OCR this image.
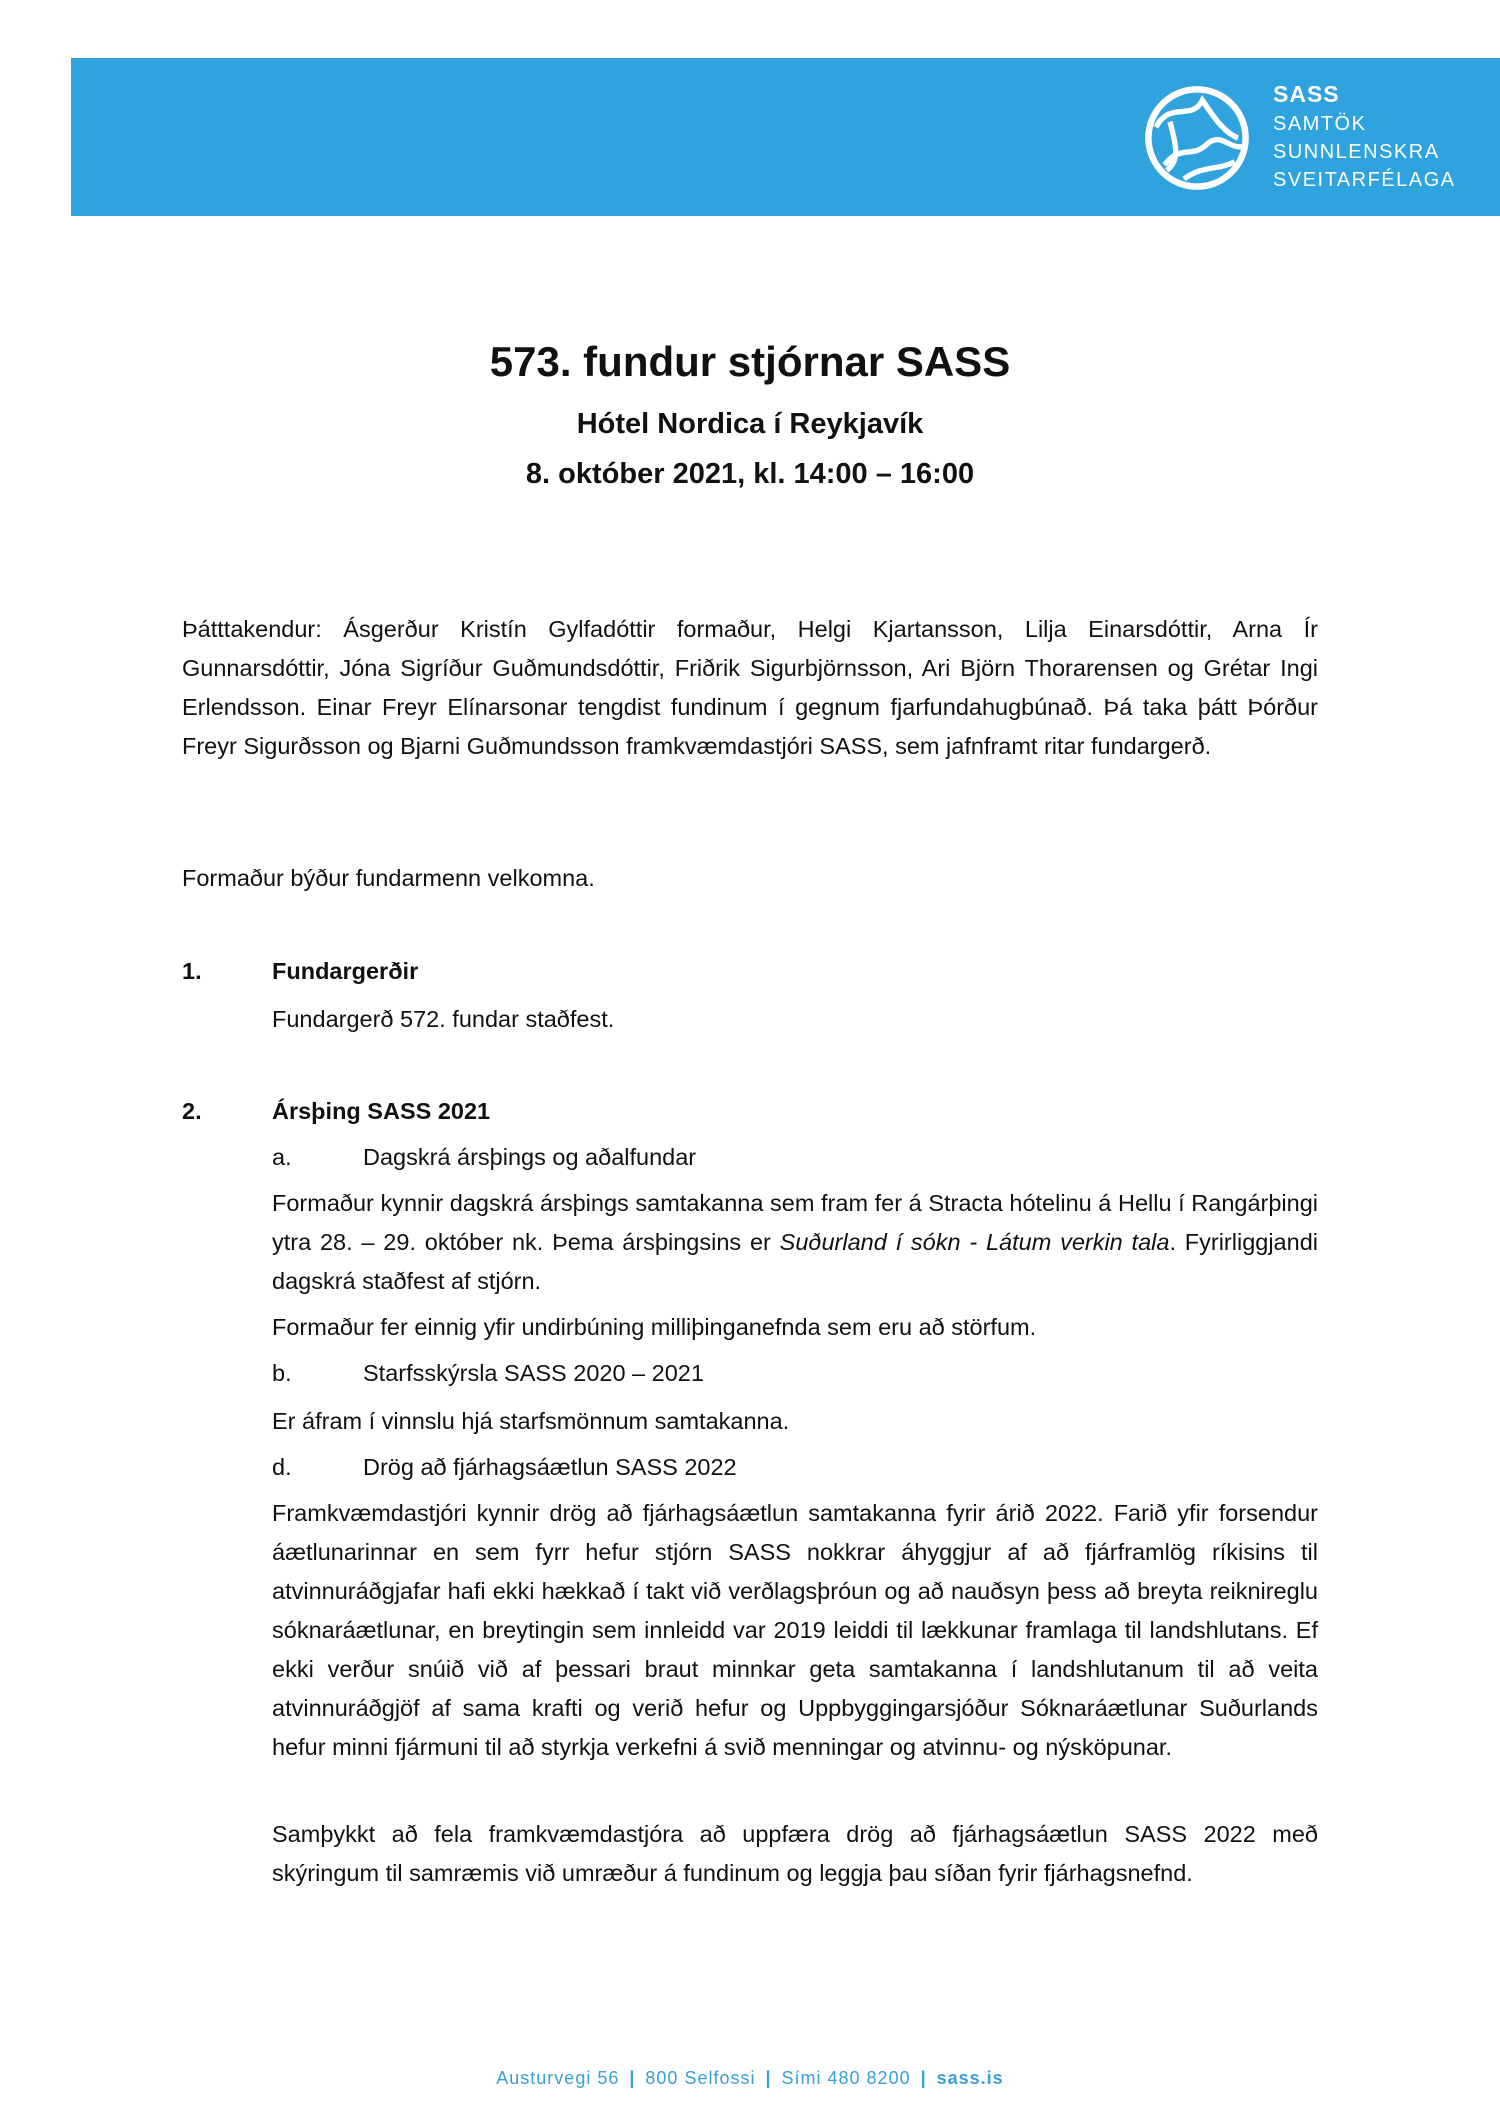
SASS
SAMTÖK
SUNNLENSKRA
SVEITARFÉLAGA
573. fundur stjórnar SASS
Hótel Nordica í Reykjavík
8. október 2021, kl. 14:00 – 16:00
Þátttakendur: Ásgerður Kristín Gylfadóttir formaður, Helgi Kjartansson, Lilja Einarsdóttir, Arna Ír Gunnarsdóttir, Jóna Sigríður Guðmundsdóttir, Friðrik Sigurbjörnsson, Ari Björn Thorarensen og Grétar Ingi Erlendsson. Einar Freyr Elínarsonar tengdist fundinum í gegnum fjarfundahugbúnað. Þá taka þátt Þórður Freyr Sigurðsson og Bjarni Guðmundsson framkvæmdastjóri SASS, sem jafnframt ritar fundargerð.
Formaður býður fundarmenn velkomna.
1.	Fundargerðir
Fundargerð 572. fundar staðfest.
2.	Ársþing SASS 2021
a.	Dagskrá ársþings og aðalfundar
Formaður kynnir dagskrá ársþings samtakanna sem fram fer á Stracta hótelinu á Hellu í Rangárþingi ytra 28. – 29. október nk. Þema ársþingsins er Suðurland í sókn - Látum verkin tala. Fyrirliggjandi dagskrá staðfest af stjórn.
Formaður fer einnig yfir undirbúning milliþinganefnda sem eru að störfum.
b.	Starfsskýrsla SASS 2020 – 2021
Er áfram í vinnslu hjá starfsmönnum samtakanna.
d.	Drög að fjárhagsáætlun SASS 2022
Framkvæmdastjóri kynnir drög að fjárhagsáætlun samtakanna fyrir árið 2022. Farið yfir forsendur áætlunarinnar en sem fyrr hefur stjórn SASS nokkrar áhyggjur af að fjárframlög ríkisins til atvinnuráðgjafar hafi ekki hækkað í takt við verðlagsþróun og að nauðsyn þess að breyta reiknireglu sóknaráætlunar, en breytingin sem innleidd var 2019 leiddi til lækkunar framlaga til landshlutans. Ef ekki verður snúið við af þessari braut minnkar geta samtakanna í landshlutanum til að veita atvinnuráðgjöf af sama krafti og verið hefur og Uppbyggingarsjóður Sóknaráætlunar Suðurlands hefur minni fjármuni til að styrkja verkefni á svið menningar og atvinnu- og nýsköpunar.
Samþykkt að fela framkvæmdastjóra að uppfæra drög að fjárhagsáætlun SASS 2022 með skýringum til samræmis við umræður á fundinum og leggja þau síðan fyrir fjárhagsnefnd.
Austurvegi 56 | 800 Selfossi | Sími 480 8200 | sass.is
